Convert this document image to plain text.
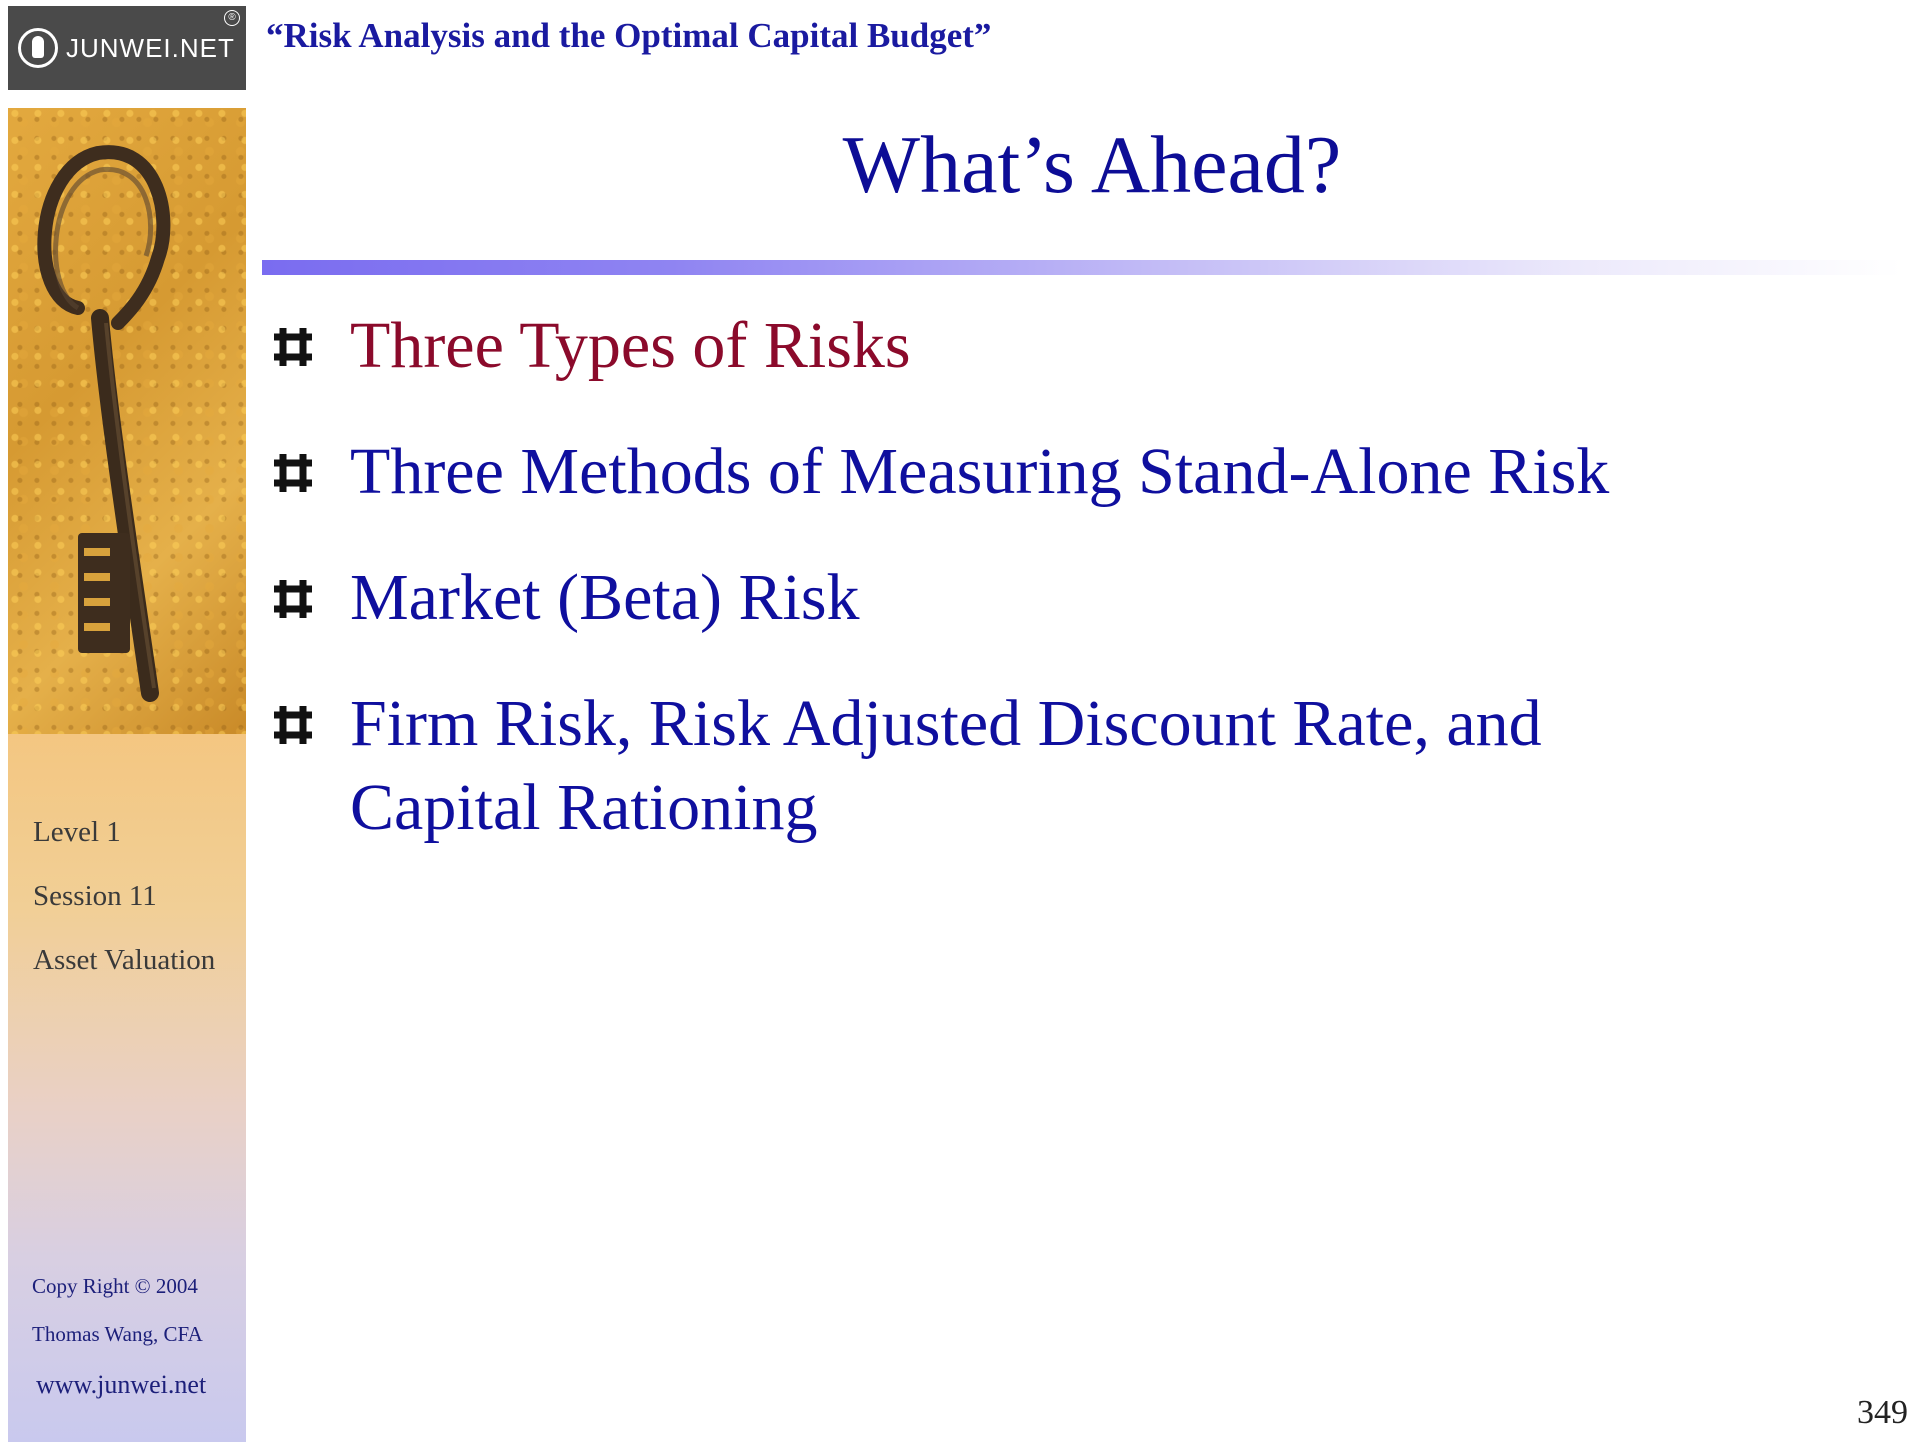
JUNWEI.NET
® “Risk Analysis and the Optimal Capital Budget”
Level 1
Session 11
Asset Valuation
Copy Right © 2004
Thomas Wang, CFA
www.junwei.net
What’s Ahead?
Three Types of Risks
Three Methods of Measuring Stand-Alone Risk
Market (Beta) Risk
Firm Risk, Risk Adjusted Discount Rate, and
Capital Rationing
349
